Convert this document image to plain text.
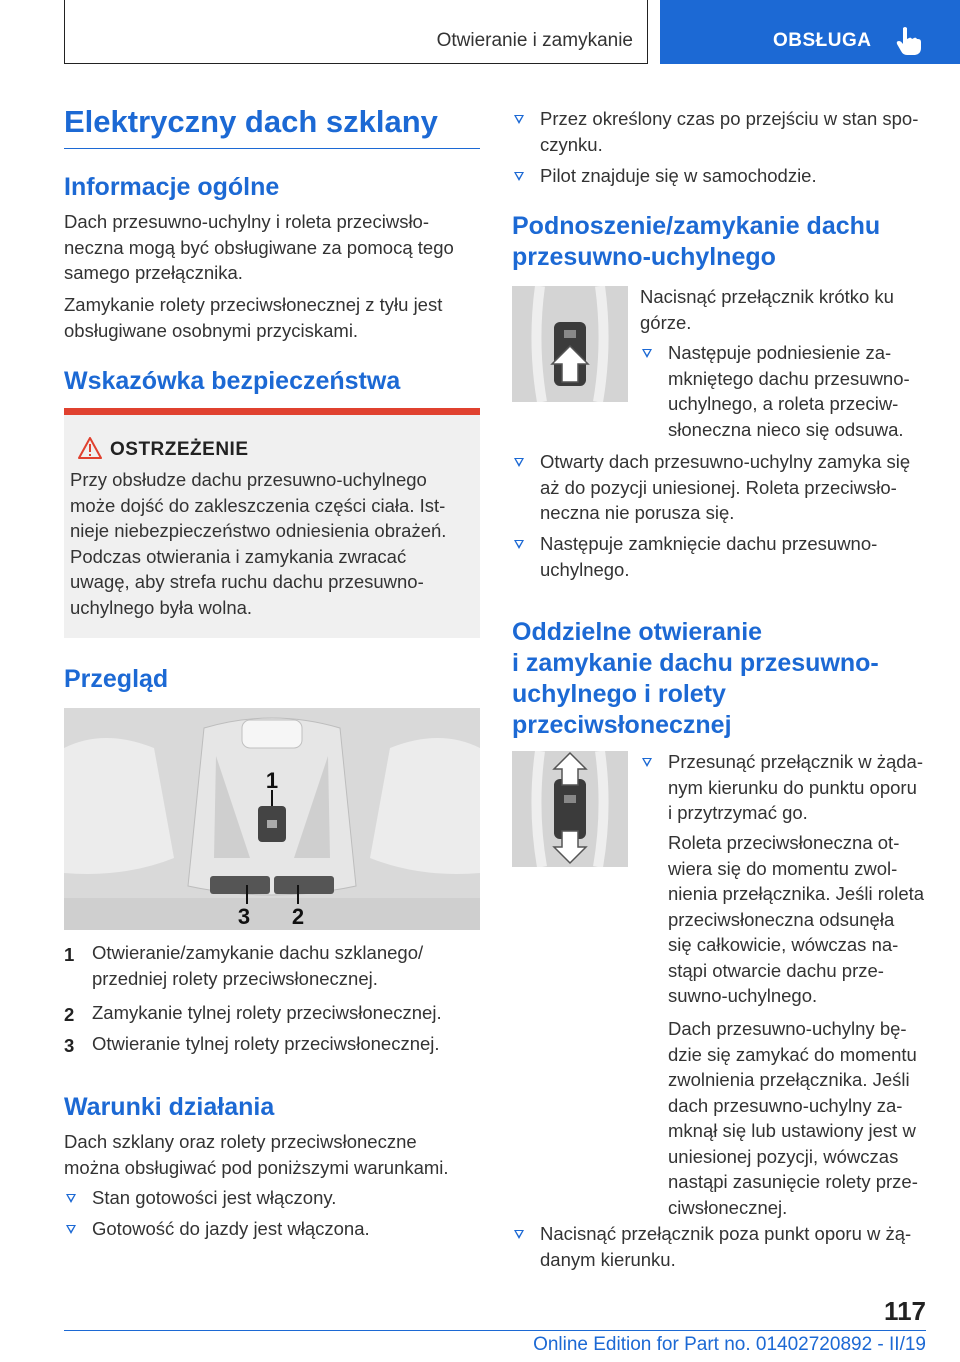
Otwieranie i zamykanie	OBSŁUGA
Elektryczny dach szklany
Informacje ogólne
Dach przesuwno-uchylny i roleta przeciwsło-
neczna mogą być obsługiwane za pomocą tego
samego przełącznika.
Zamykanie rolety przeciwsłonecznej z tyłu jest
obsługiwane osobnymi przyciskami.
Wskazówka bezpieczeństwa
OSTRZEŻENIE
Przy obsłudze dachu przesuwno-uchylnego
może dojść do zakleszczenia części ciała. Ist-
nieje niebezpieczeństwo odniesienia obrażeń.
Podczas otwierania i zamykania zwracać
uwagę, aby strefa ruchu dachu przesuwno-
uchylnego była wolna.
Przegląd
1
3 2
1 Otwieranie/zamykanie dachu szklanego/
przedniej rolety przeciwsłonecznej.
2 Zamykanie tylnej rolety przeciwsłonecznej.
3 Otwieranie tylnej rolety przeciwsłonecznej.
Warunki działania
Dach szklany oraz rolety przeciwsłoneczne
można obsługiwać pod poniższymi warunkami.
Stan gotowości jest włączony.
Gotowość do jazdy jest włączona.
Przez określony czas po przejściu w stan spo-
czynku.
Pilot znajduje się w samochodzie.
Podnoszenie/zamykanie dachu
przesuwno-uchylnego
Nacisnąć przełącznik krótko ku
górze.
Następuje podniesienie za-
mkniętego dachu przesuwno-
uchylnego, a roleta przeciw-
słoneczna nieco się odsuwa.
Otwarty dach przesuwno-uchylny zamyka się
aż do pozycji uniesionej. Roleta przeciwsło-
neczna nie porusza się.
Następuje zamknięcie dachu przesuwno-
uchylnego.
Oddzielne otwieranie
i zamykanie dachu przesuwno-
uchylnego i rolety
przeciwsłonecznej
Przesunąć przełącznik w żąda-
nym kierunku do punktu oporu
i przytrzymać go.
Roleta przeciwsłoneczna ot-
wiera się do momentu zwol-
nienia przełącznika. Jeśli roleta
przeciwsłoneczna odsunęła
się całkowicie, wówczas na-
stąpi otwarcie dachu prze-
suwno-uchylnego.
Dach przesuwno-uchylny bę-
dzie się zamykać do momentu
zwolnienia przełącznika. Jeśli
dach przesuwno-uchylny za-
mknął się lub ustawiony jest w
uniesionej pozycji, wówczas
nastąpi zasunięcie rolety prze-
ciwsłonecznej.
Nacisnąć przełącznik poza punkt oporu w żą-
danym kierunku.
117
Online Edition for Part no. 01402720892 - II/19
